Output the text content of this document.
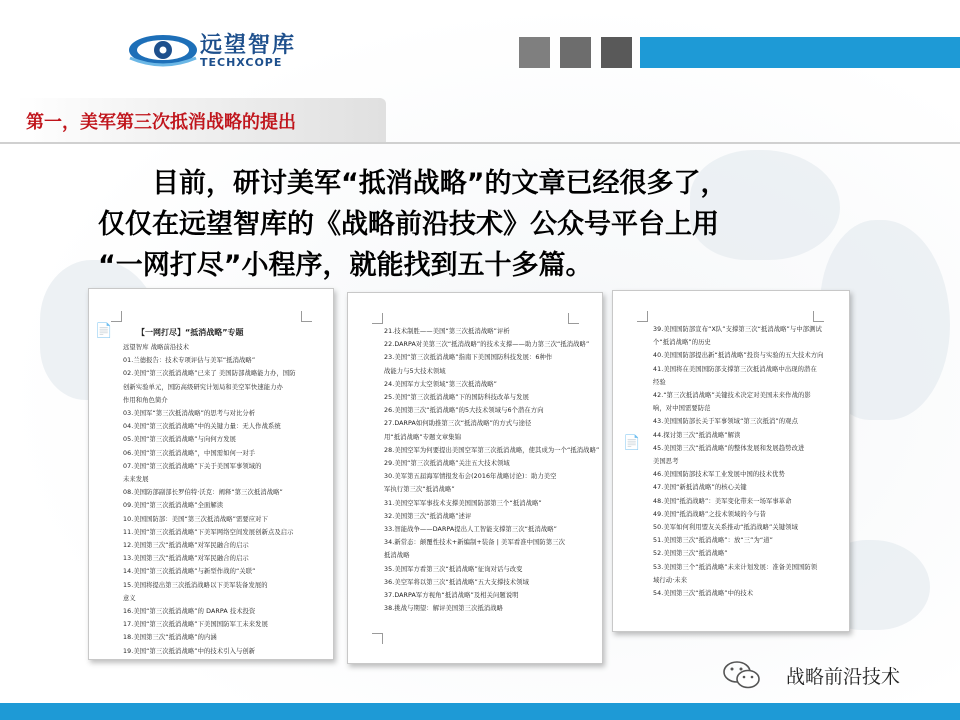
远望智库
TECHXCOPE
第一，美军第三次抵消战略的提出
　　目前，研讨美军“抵消战略”的文章已经很多了，
仅仅在远望智库的《战略前沿技术》公众号平台上用
“一网打尽”小程序，就能找到五十多篇。
📄	【一网打尽】“抵消战略”专题
远望智库 战略前沿技术
01.兰德报告：技术专项评估与美军“抵消战略”
02.美国“第三次抵消战略”已来了 美国防部战略能力办，国防
创新实验单元，国防高级研究计划局和美空军快速能力办
作用和角色简介
03.美国军“第三次抵消战略”的思考与对比分析
04.美国“第三次抵消战略”中的关键力量：无人作战系统
05.美国“第三次抵消战略”与向何方发展
06.美国“第三次抵消战略”，中国需如何一对手
07.美国“第三次抵消战略”下关于美国军事领域的
未来发展
08.美国防部副部长罗伯特·沃克：阐释“第三次抵消战略”
09.美国“第三次抵消战略”全面解读
10.美国国防部：美国“第三次抵消战略”需要应对下
11.美国“第三次抵消战略”下美军网络空间发展创新点及启示
12.美国第三次“抵消战略”对军民融合的启示
13.美国第三次“抵消战略”对军民融合的启示
14.美国“第三次抵消战略”与新型作战的“关联”
15.美国将提出第三次抵消战略以下美军装备发展的
意义
16.美国“第三次抵消战略”的 DARPA 技术投资
17.美国“第三次抵消战略”下美国国防军工未来发展
18.美国第三次“抵消战略”的内涵
19.美国“第三次抵消战略”中的技术引入与创新
21.技术制胜——美国“第三次抵消战略”评析
22.DARPA对美第三次“抵消战略”的技术支撑——助力第三次“抵消战略”
23.美国“第三次抵消战略”指南下美国国防科技发展：6种作
战能力与5大技术领域
24.美国军方太空领域“第三次抵消战略”
25.美国“第三次抵消战略”下的国防科技改革与发展
26.美国第三次“抵消战略”的5大技术领域与6个潜在方向
27.DARPA如何助推第三次“抵消战略”的方式与途径
用“抵消战略”专题文章集锦
28.美国空军为何要提出美国空军第三次抵消战略，使其成为一个“抵消战略”
29.美国“第三次抵消战略”关注五大技术领域
30.美军第五届海军情报发布会(2016年战略讨论)：助力美空
军执行第三次“抵消战略”
31.美国空军军事技术支撑美国国防部第三个“抵消战略”
32.美国第三次“抵消战略”述评
33.智能战争——DARPA提出人工智能支撑第三次“抵消战略”
34.新常态：颠覆性技术+新编制+装备 | 美军看准中国防第三次
抵消战略
35.美国军方看第三次“抵消战略”征询对话与改变
36.美空军将以第三次“抵消战略”五大支撑技术领域
37.DARPA军方视角“抵消战略”及相关问题说明
38.挑战与期望：解评美国第三次抵消战略
📄
39.美国国防部宣布“X队”支撑第三次“抵消战略”与中部测试
个“抵消战略”的历史
40.美国国防部提出新“抵消战略”投资与实验的五大技术方向
41.美国将在美国国防部支撑第三次抵消战略中出现的潜在
经验
42.“第三次抵消战略”关键技术决定对美国未来作战的影
响，对中国需要防范
43.美国国防部长关于军事领域“第三次抵消”的观点
44.探讨第三次“抵消战略”解读
45.美国第三次“抵消战略”的整体发展和发展趋势改进
美国思考
46.美国国防部技术军工业发展中国的技术优势
47.美国“新抵消战略”的核心关键
48.美国“抵消战略”：美军变化带来一场军事革命
49.美国“抵消战略”之技术领域的今与昔
50.美军如何利用盟友关系推动“抵消战略”关键领域
51.美国第三次“抵消战略”：放“三”为“道”
52.美国第三次“抵消战略”
53.美国第三个“抵消战略”未来计划发展：准备美国国防领
域行动·未来
54.美国第三次“抵消战略”中的技术
战略前沿技术
